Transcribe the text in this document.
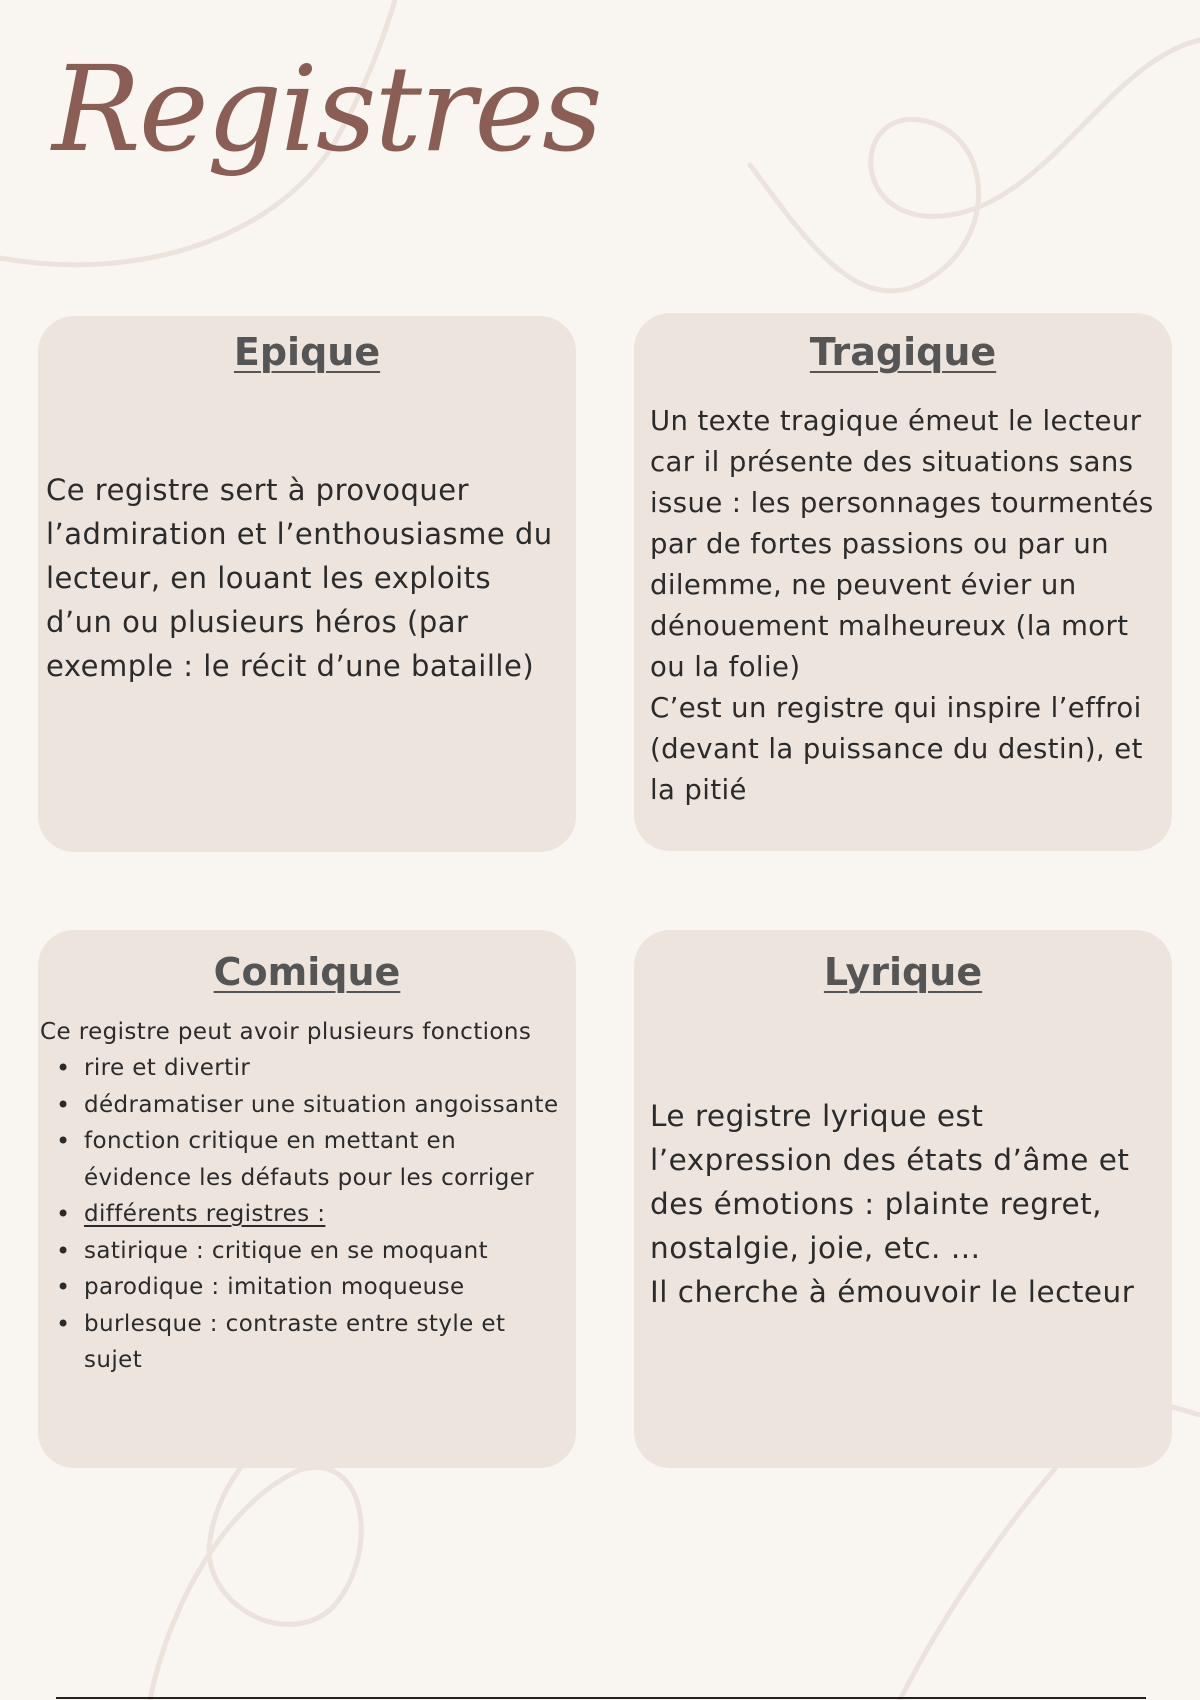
Registres
Epique

Ce registre sert à provoquer

l’admiration et l’enthousiasme du

lecteur, en louant les exploits

d’un ou plusieurs héros (par

exemple : le récit d’une bataille)

Tragique

Un texte tragique émeut le lecteur

car il présente des situations sans

issue : les personnages tourmentés

par de fortes passions ou par un

dilemme, ne peuvent évier un

dénouement malheureux (la mort

ou la folie)

C’est un registre qui inspire l’effroi

(devant la puissance du destin), et

la pitié

Comique

Ce registre peut avoir plusieurs fonctions

• rire et divertir
• dédramatiser une situation angoissante
• fonction critique en mettant en évidence les défauts pour les corriger
• différents registres :
• satirique : critique en se moquant
• parodique : imitation moqueuse
• burlesque : contraste entre style et sujet
Lyrique

Le registre lyrique est

l’expression des états d’âme et

des émotions : plainte regret,

nostalgie, joie, etc. ...

Il cherche à émouvoir le lecteur
